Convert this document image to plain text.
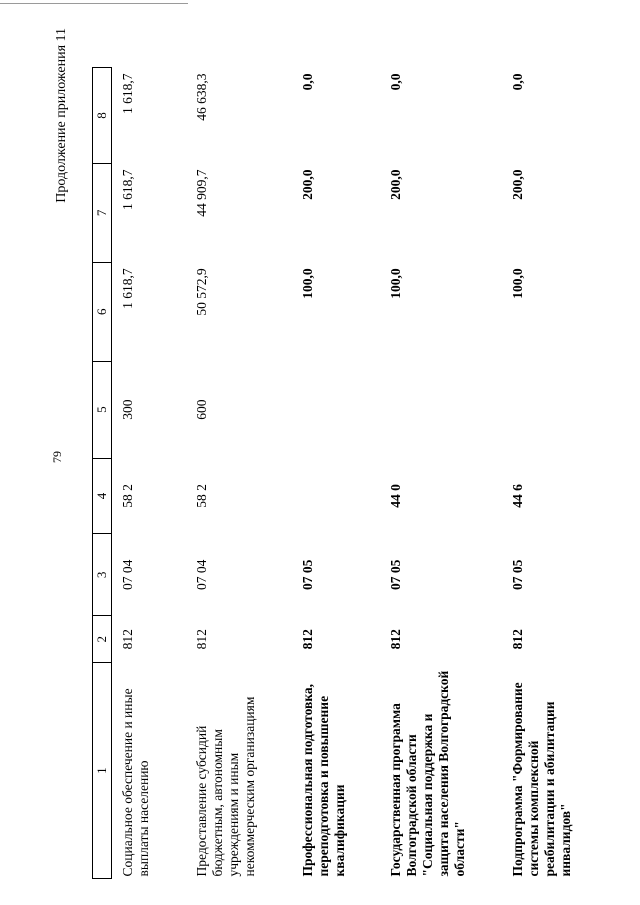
79
Продолжение приложения 11
1	2	3	4	5	6	7	8
Социальное обеспечение и иные выплаты населению	812	07 04	58 2	300	1 618,7	1 618,7	1 618,7
Предоставление субсидий бюджетным, автономным учреждениям и иным некоммерческим организациям	812	07 04	58 2	600	50 572,9	44 909,7	46 638,3
Профессиональная подготовка, переподготовка и повышение квалификации	812	07 05			100,0	200,0	0,0
Государственная программа Волгоградской области "Социальная поддержка и защита населения Волгоградской области"	812	07 05	44 0		100,0	200,0	0,0
Подпрограмма "Формирование системы комплексной реабилитации и абилитации инвалидов"	812	07 05	44 6		100,0	200,0	0,0
